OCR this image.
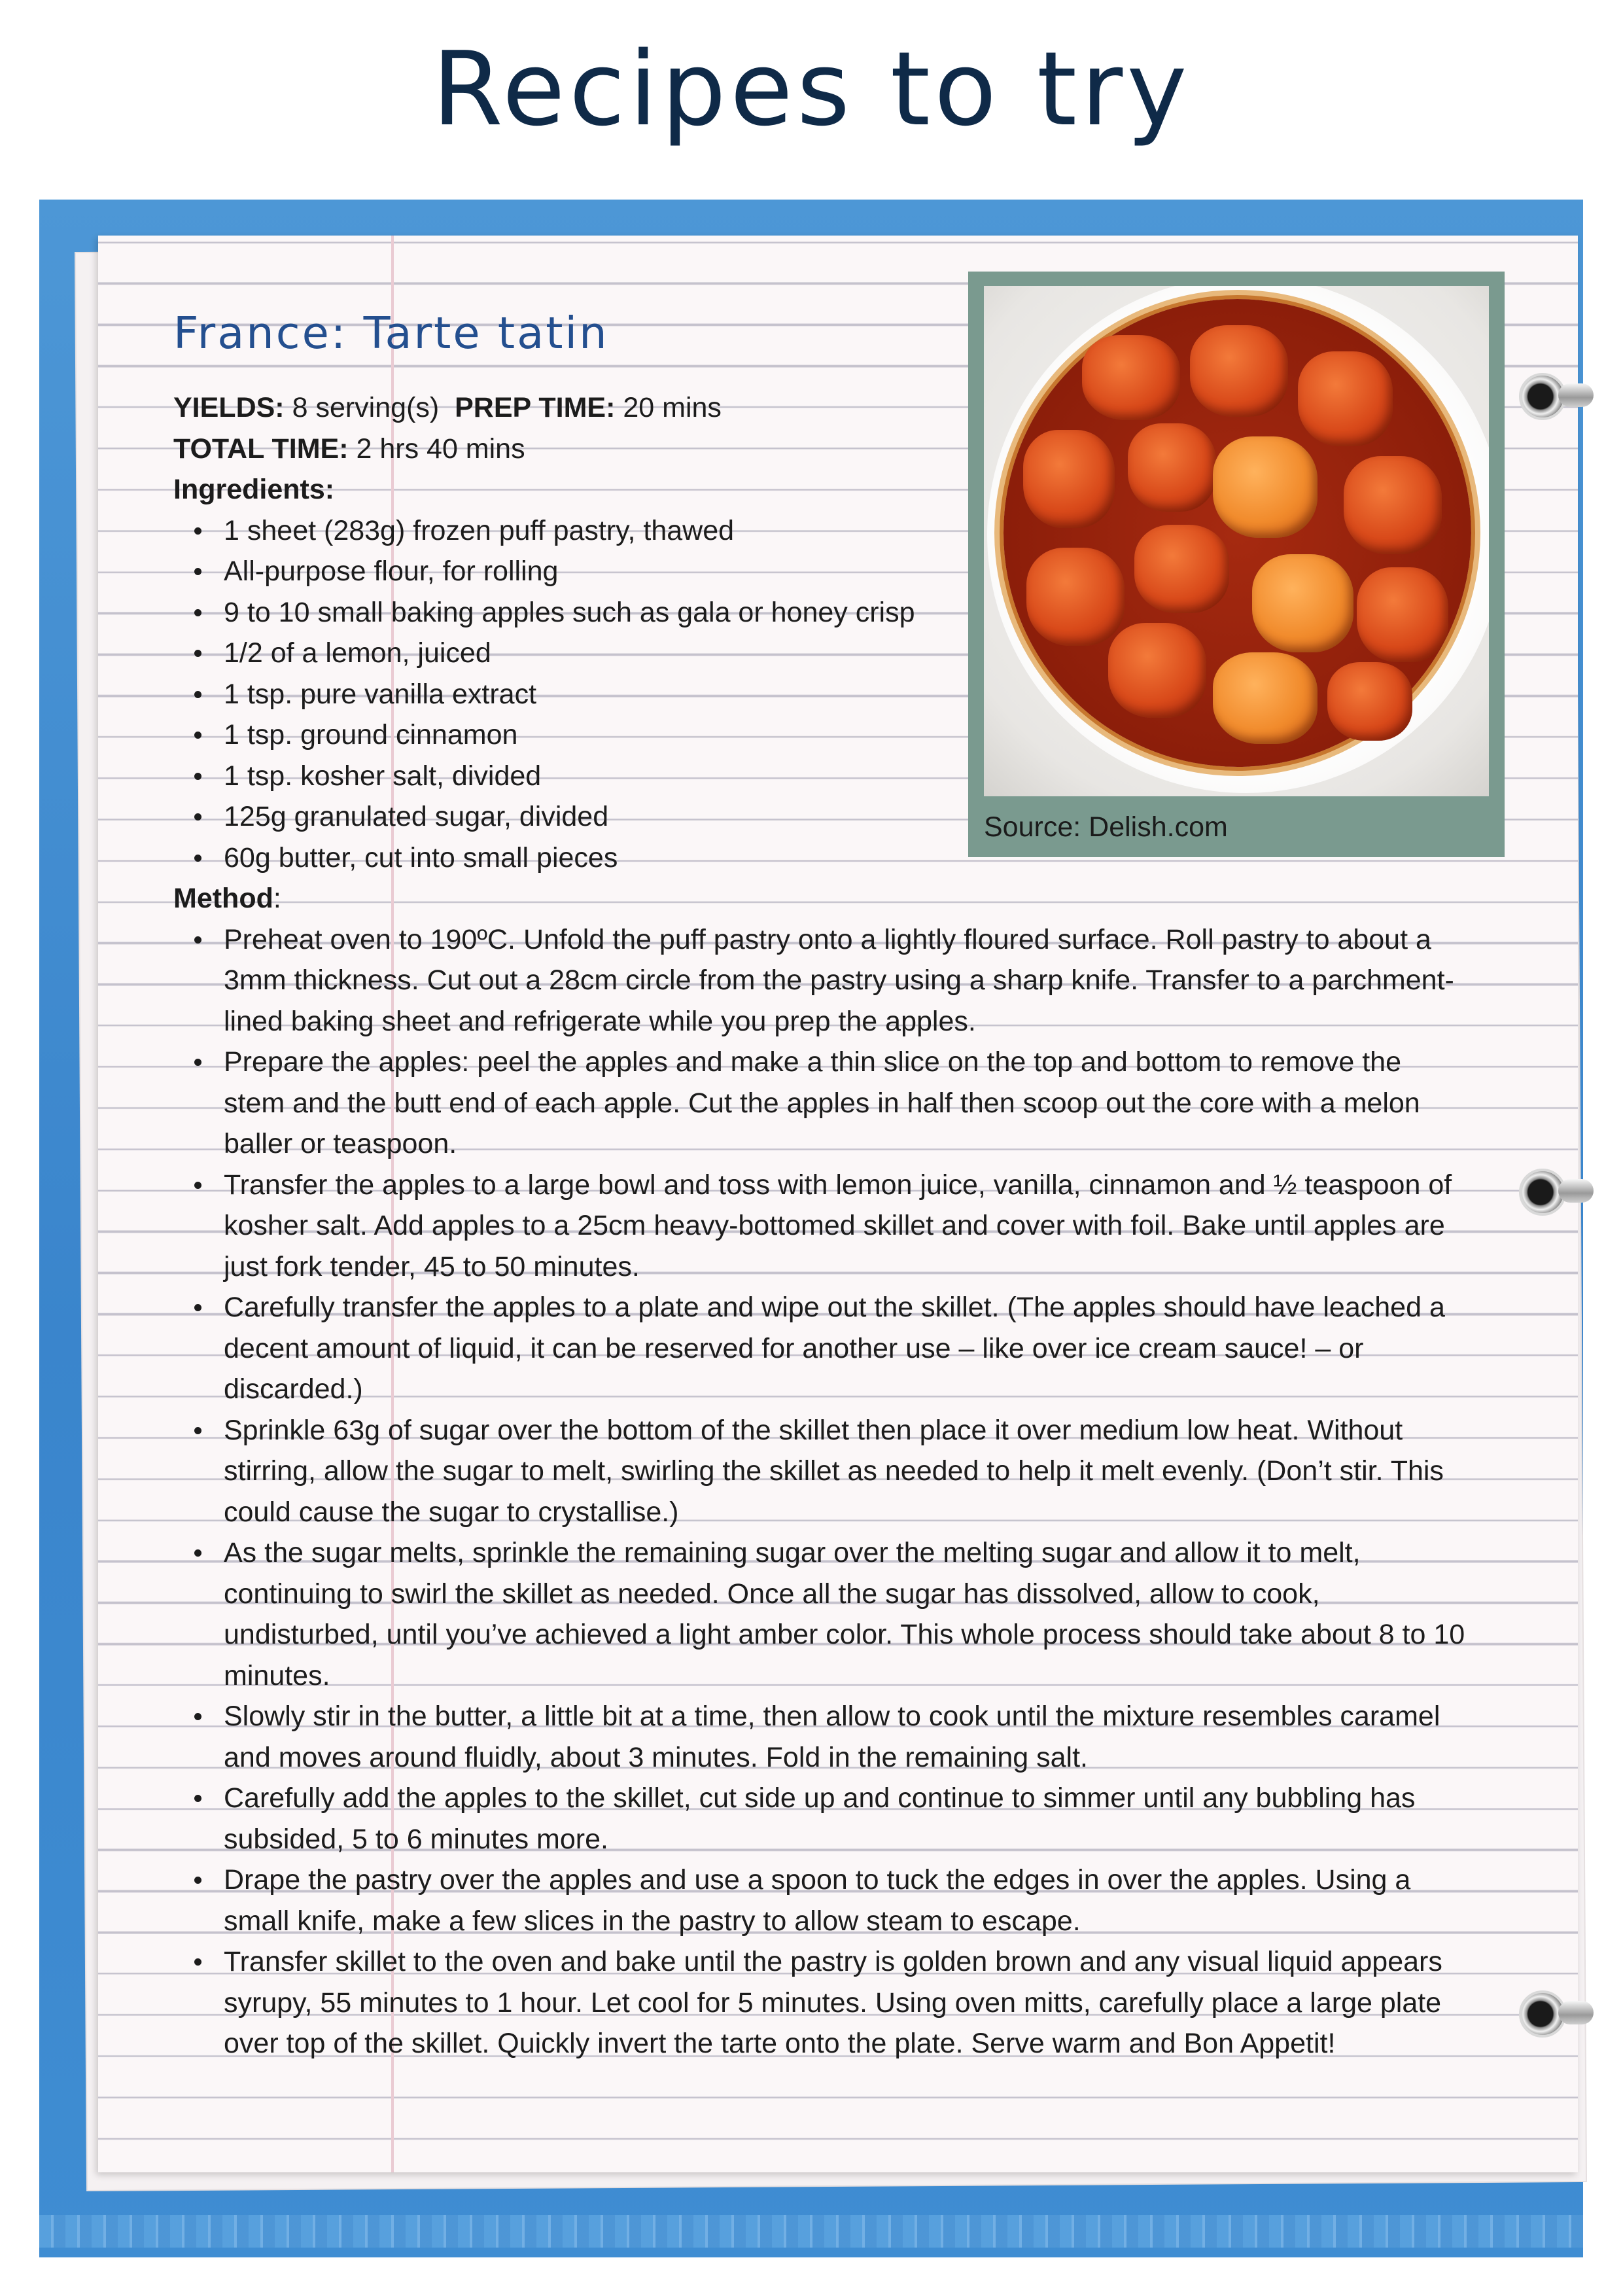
Recipes to try
Source: Delish.com
France: Tarte tatin
YIELDS: 8 serving(s)  PREP TIME: 20 mins
TOTAL TIME: 2 hrs 40 mins
Ingredients:
1 sheet (283g) frozen puff pastry, thawed
All-purpose flour, for rolling
9 to 10 small baking apples such as gala or honey crisp
1/2 of a lemon, juiced
1 tsp. pure vanilla extract
1 tsp. ground cinnamon
1 tsp. kosher salt, divided
125g granulated sugar, divided
60g butter, cut into small pieces
Method:
Preheat oven to 190ºC. Unfold the puff pastry onto a lightly floured surface. Roll pastry to about a 3mm thickness. Cut out a 28cm circle from the pastry using a sharp knife. Transfer to a parchment-lined baking sheet and refrigerate while you prep the apples.
Prepare the apples: peel the apples and make a thin slice on the top and bottom to remove the stem and the butt end of each apple. Cut the apples in half then scoop out the core with a melon baller or teaspoon.
Transfer the apples to a large bowl and toss with lemon juice, vanilla, cinnamon and ½ teaspoon of kosher salt. Add apples to a 25cm heavy-bottomed skillet and cover with foil. Bake until apples are just fork tender, 45 to 50 minutes.
Carefully transfer the apples to a plate and wipe out the skillet. (The apples should have leached a decent amount of liquid, it can be reserved for another use – like over ice cream sauce! – or discarded.)
Sprinkle 63g of sugar over the bottom of the skillet then place it over medium low heat. Without stirring, allow the sugar to melt, swirling the skillet as needed to help it melt evenly. (Don’t stir. This could cause the sugar to crystallise.)
As the sugar melts, sprinkle the remaining sugar over the melting sugar and allow it to melt, continuing to swirl the skillet as needed. Once all the sugar has dissolved, allow to cook, undisturbed, until you’ve achieved a light amber color. This whole process should take about 8 to 10 minutes.
Slowly stir in the butter, a little bit at a time, then allow to cook until the mixture resembles caramel and moves around fluidly, about 3 minutes. Fold in the remaining salt.
Carefully add the apples to the skillet, cut side up and continue to simmer until any bubbling has subsided, 5 to 6 minutes more.
Drape the pastry over the apples and use a spoon to tuck the edges in over the apples. Using a small knife, make a few slices in the pastry to allow steam to escape.
Transfer skillet to the oven and bake until the pastry is golden brown and any visual liquid appears syrupy, 55 minutes to 1 hour. Let cool for 5 minutes. Using oven mitts, carefully place a large plate over top of the skillet. Quickly invert the tarte onto the plate. Serve warm and Bon Appetit!
